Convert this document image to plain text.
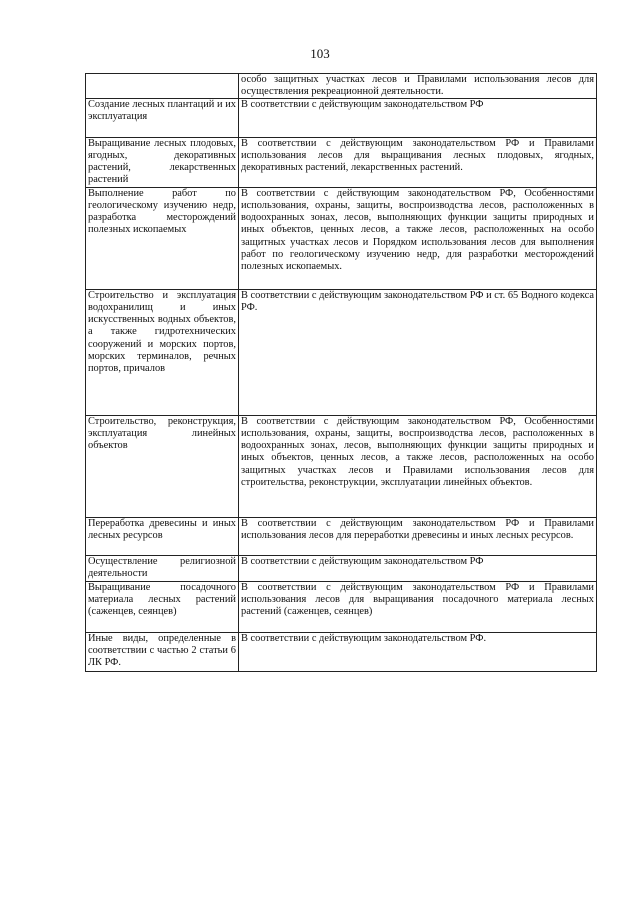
103
	особо защитных участках лесов и Правилами использования лесов для осуществления рекреационной деятельности.
Создание лесных плантаций и их эксплуатация	В соответствии с действующим законодательством РФ
Выращивание лесных плодовых, ягодных, декоративных растений, лекарственных растений	В соответствии с действующим законодательством РФ и Правилами использования лесов для выращивания лесных плодовых, ягодных, декоративных растений, лекарственных растений.
Выполнение работ по геологическому изучению недр, разработка месторождений полезных ископаемых	В соответствии с действующим законодательством РФ, Особенностями использования, охраны, защиты, воспроизводства лесов, расположенных в водоохранных зонах, лесов, выполняющих функции защиты природных и иных объектов, ценных лесов, а также лесов, расположенных на особо защитных участках лесов и Порядком использования лесов для выполнения работ по геологическому изучению недр, для разработки месторождений полезных ископаемых.
Строительство и эксплуатация водохранилищ и иных искусственных водных объектов, а также гидротехнических сооружений и морских портов, морских терминалов, речных портов, причалов	В соответствии с действующим законодательством РФ и ст. 65 Водного кодекса РФ.
Строительство, реконструкция, эксплуатация линейных объектов	В соответствии с действующим законодательством РФ, Особенностями использования, охраны, защиты, воспроизводства лесов, расположенных в водоохранных зонах, лесов, выполняющих функции защиты природных и иных объектов, ценных лесов, а также лесов, расположенных на особо защитных участках лесов и Правилами использования лесов для строительства, реконструкции, эксплуатации линейных объектов.
Переработка древесины и иных лесных ресурсов	В соответствии с действующим законодательством РФ и Правилами использования лесов для переработки древесины и иных лесных ресурсов.
Осуществление религиозной деятельности	В соответствии с действующим законодательством РФ
Выращивание посадочного материала лесных растений (саженцев, сеянцев)	В соответствии с действующим законодательством РФ и Правилами использования лесов для выращивания посадочного материала лесных растений (саженцев, сеянцев)
Иные виды, определенные в соответствии с частью 2 статьи 6 ЛК РФ.	В соответствии с действующим законодательством РФ.
